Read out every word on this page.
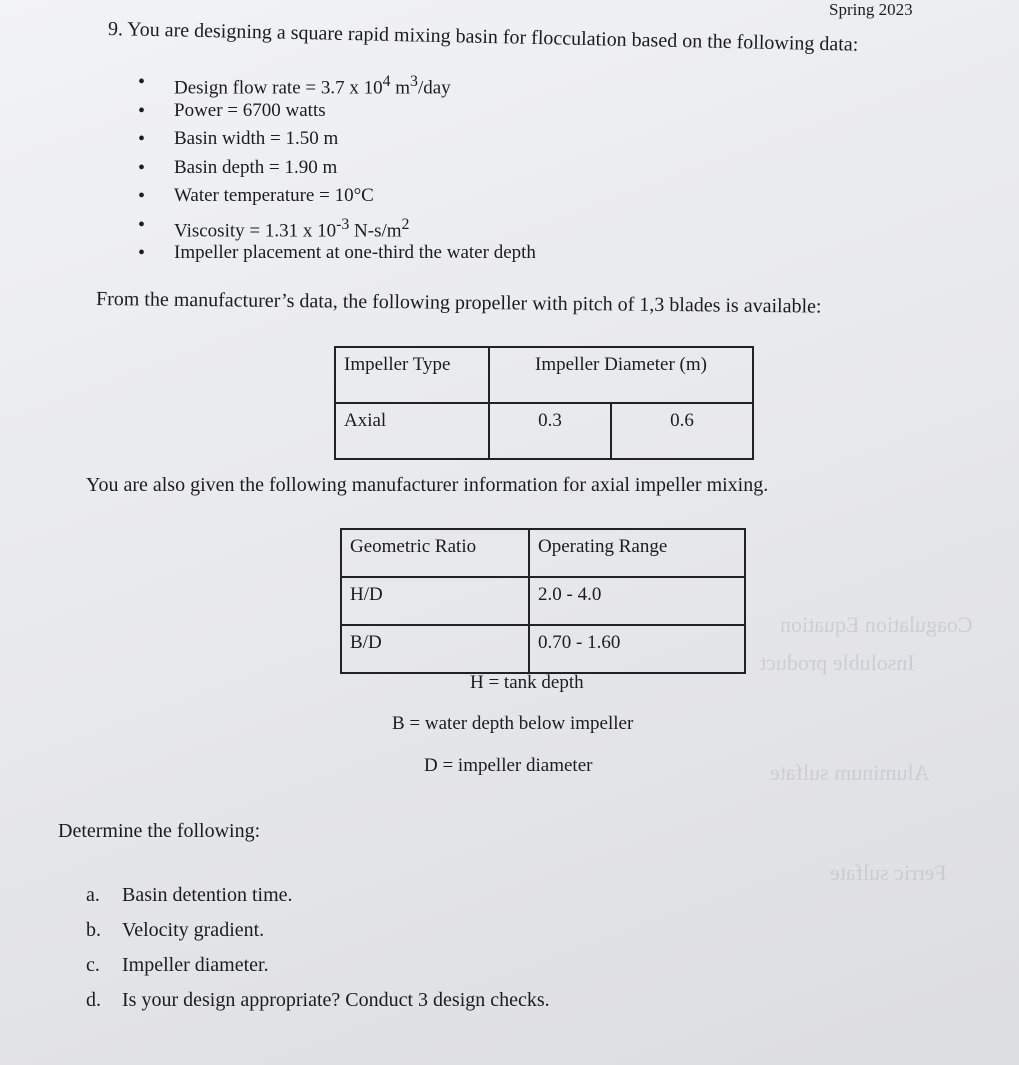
Coagulation Equation
Insoluble product
Aluminum sulfate
Ferric sulfate
Spring 2023
9. You are designing a square rapid mixing basin for flocculation based on the following data:
• Design flow rate = 3.7 x $10^4$ $m^3$/day
• Power = 6700 watts
• Basin width = 1.50 m
• Basin depth = 1.90 m
• Water temperature = 10°C
• Viscosity = 1.31 x $10^{-3}$ $N-s/m^2$
• Impeller placement at one-third the water depth
From the manufacturer’s data, the following propeller with pitch of 1,3 blades is available:
Impeller Type	Impeller Diameter (m)	
Axial	0.3	0.6
You are also given the following manufacturer information for axial impeller mixing.
Geometric Ratio	Operating Range
H/D	2.0 - 4.0
B/D	0.70 - 1.60
H = tank depth
B = water depth below impeller
D = impeller diameter
Determine the following:
a. Basin detention time.
b. Velocity gradient.
c. Impeller diameter.
d. Is your design appropriate? Conduct 3 design checks.
